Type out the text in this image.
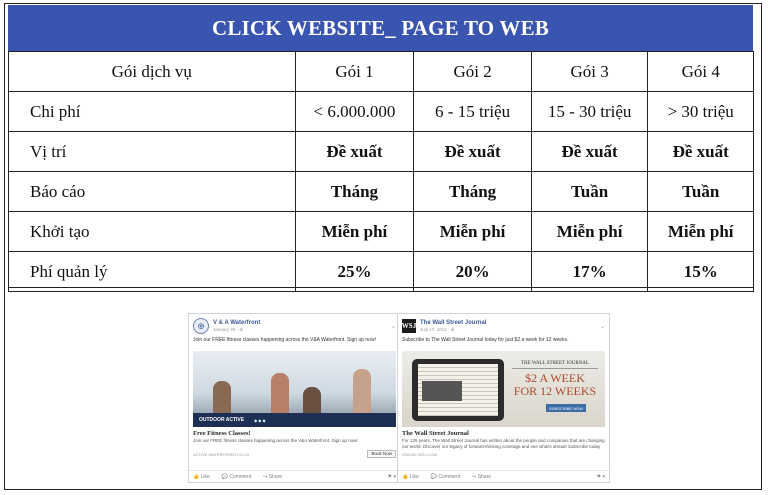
CLICK WEBSITE_ PAGE TO WEB
Gói dịch vụ	Gói 1	Gói 2	Gói 3	Gói 4
Chi phí	< 6.000.000	6 - 15 triệu	15 - 30 triệu	> 30 triệu
Vị trí	Đề xuất	Đề xuất	Đề xuất	Đề xuất
Báo cáo	Tháng	Tháng	Tuần	Tuần
Khởi tạo	Miễn phí	Miễn phí	Miễn phí	Miễn phí
Phí quản lý	25%	20%	17%	15%
◎
V & A Waterfront
January 29 · ⊕	⌄
Join our FREE fitness classes happening across the V&A Waterfront. Sign up now!
OUTDOOR ACTIVE	◆ ◆ ◆
Free Fitness Classes!
Join our FREE fitness classes happening across the V&A Waterfront. Sign up now!
ACTIVE.WATERFRONT.CO.ZA	Book Now
👍 Like 💬 Comment ↪ Share	⚑ ▾
WSJ The Wall Street Journal
July 17, 2014 · ⊕	⌄
Subscribe to The Wall Street Journal today for just $2 a week for 12 weeks.
THE WALL STREET JOURNAL
$2 A WEEK FOR 12 WEEKS
SUBSCRIBE NOW
The Wall Street Journal
For 125 years, The Wall Street Journal has written about the people and companies that are changing our world. Discover our legacy of forward-thinking coverage and see what's ahead! Subscribe today
ONLINE.WSJ.COM
👍 Like 💬 Comment ↪ Share	⚑ ▾
